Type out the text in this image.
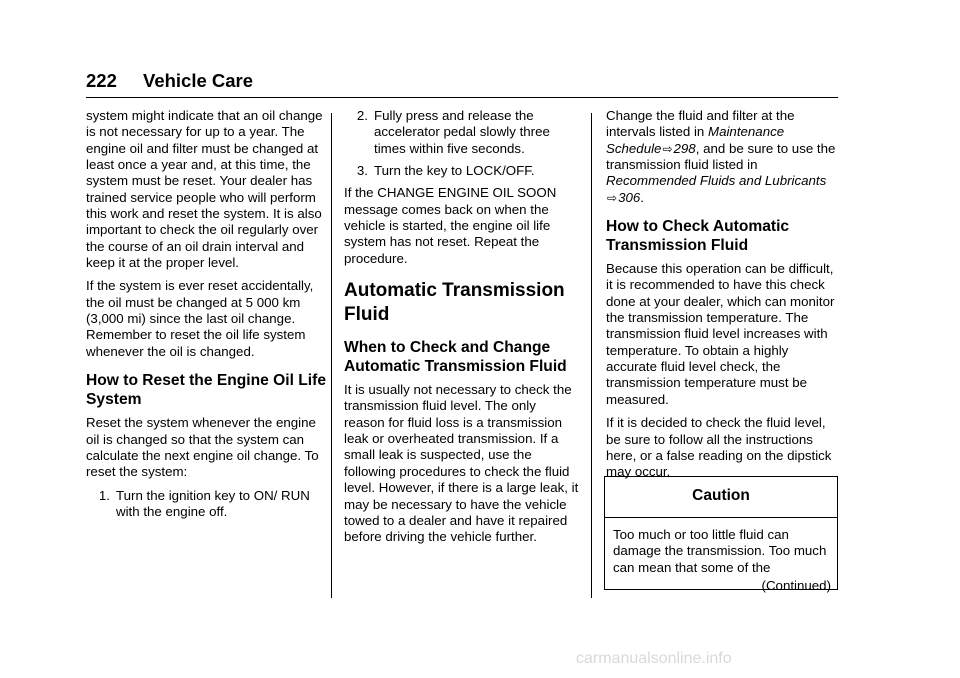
222 Vehicle Care

system might indicate that an oil change is not necessary for up to a year. The engine oil and filter must be changed at least once a year and, at this time, the system must be reset. Your dealer has trained service people who will perform this work and reset the system. It is also important to check the oil regularly over the course of an oil drain interval and keep it at the proper level.

If the system is ever reset accidentally, the oil must be changed at 5 000 km (3,000 mi) since the last oil change. Remember to reset the oil life system whenever the oil is changed.

How to Reset the Engine Oil Life System

Reset the system whenever the engine oil is changed so that the system can calculate the next engine oil change. To reset the system:

1. Turn the ignition key to ON/ RUN with the engine off.
2. Fully press and release the accelerator pedal slowly three times within five seconds.
3. Turn the key to LOCK/OFF.

If the CHANGE ENGINE OIL SOON message comes back on when the vehicle is started, the engine oil life system has not reset. Repeat the procedure.

Automatic Transmission Fluid
When to Check and Change Automatic Transmission Fluid

It is usually not necessary to check the transmission fluid level. The only reason for fluid loss is a transmission leak or overheated transmission. If a small leak is suspected, use the following procedures to check the fluid level. However, if there is a large leak, it may be necessary to have the vehicle towed to a dealer and have it repaired before driving the vehicle further.

Change the fluid and filter at the intervals listed in Maintenance Schedule⇨298, and be sure to use the transmission fluid listed in Recommended Fluids and Lubricants ⇨306.

How to Check Automatic Transmission Fluid

Because this operation can be difficult, it is recommended to have this check done at your dealer, which can monitor the transmission temperature. The transmission fluid level increases with temperature. To obtain a highly accurate fluid level check, the transmission temperature must be measured.

If it is decided to check the fluid level, be sure to follow all the instructions here, or a false reading on the dipstick may occur.

Caution
Too much or too little fluid can damage the transmission. Too much can mean that some of the
(Continued)
carmanualsonline.info
